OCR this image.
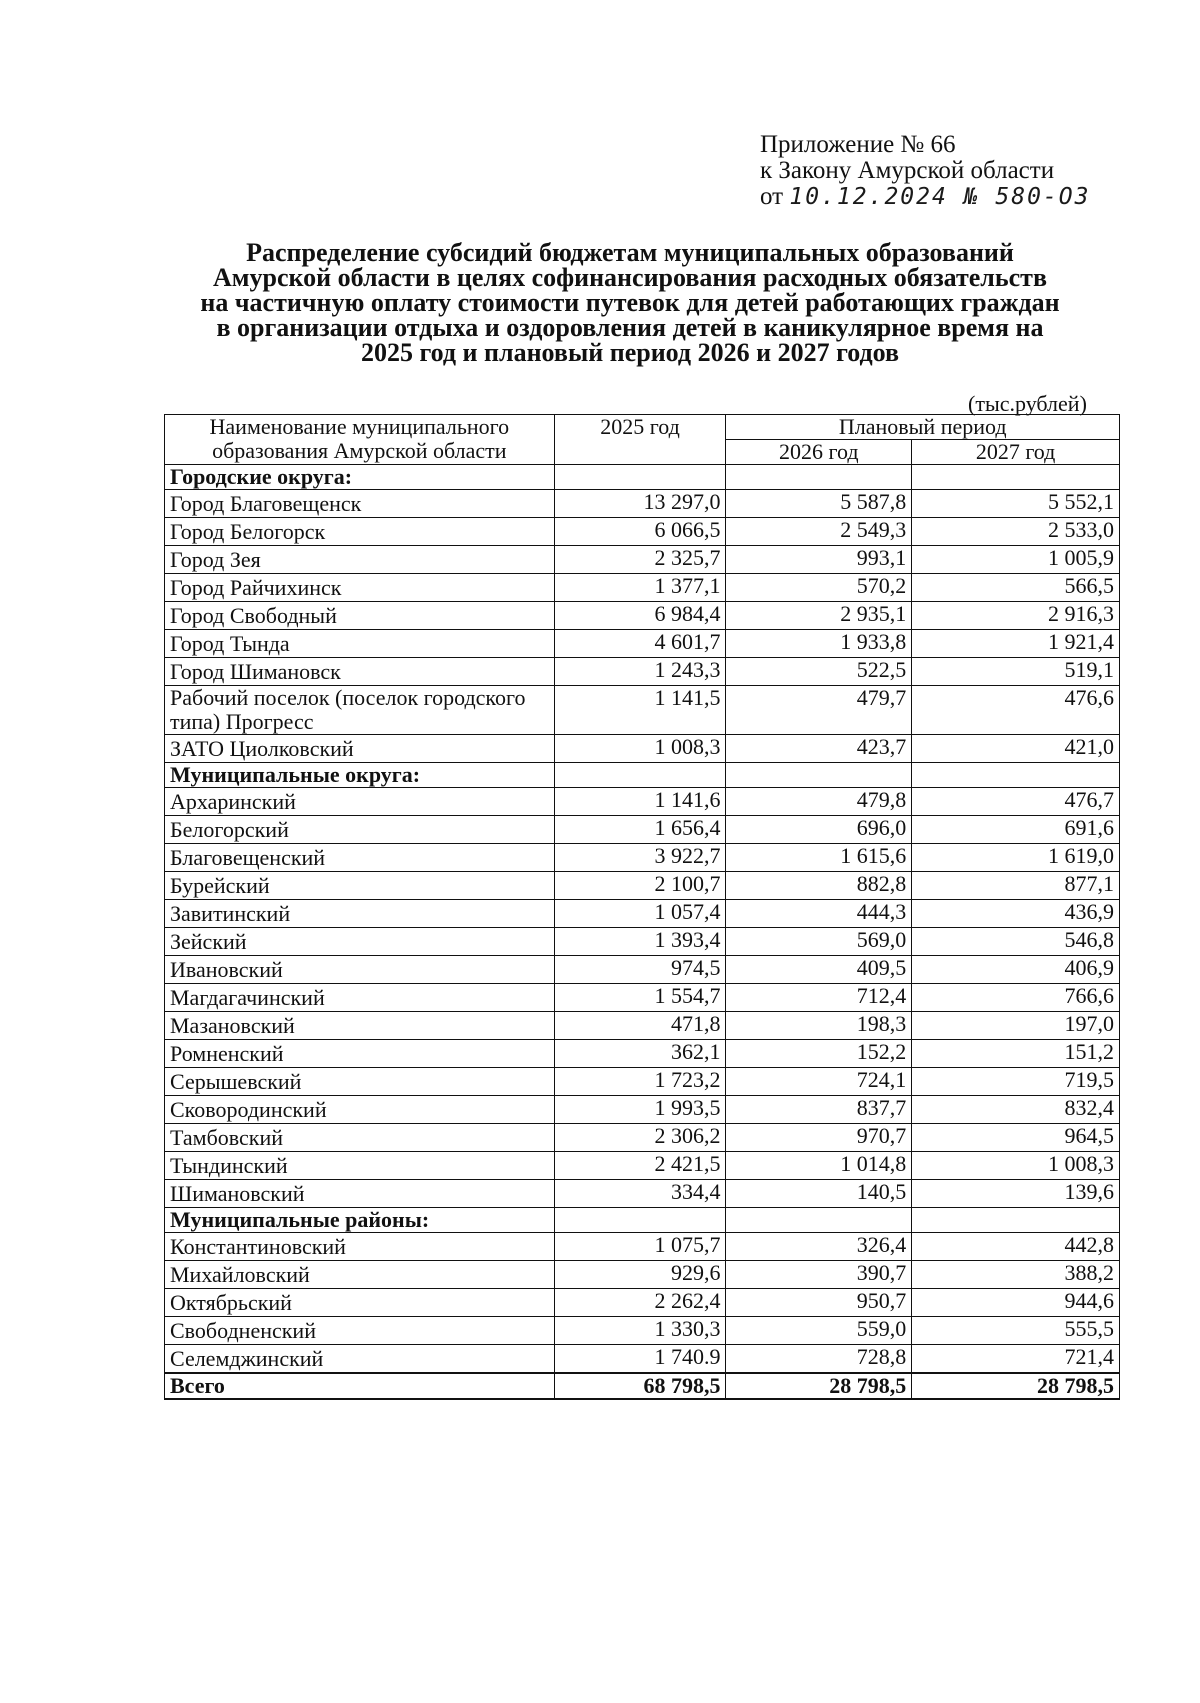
Приложение № 66
к Закону Амурской области
от 10.12.2024 № 580-ОЗ
Распределение субсидий бюджетам муниципальных образований
Амурской области в целях софинансирования расходных обязательств
на частичную оплату стоимости путевок для детей работающих граждан
в организации отдыха и оздоровления детей в каникулярное время на
2025 год и плановый период 2026 и 2027 годов
(тыс.рублей)
Наименование муниципального образования Амурской области	2025 год	Плановый период	
		2026 год	2027 год
Городские округа:			
Город Благовещенск	13 297,0	5 587,8	5 552,1
Город Белогорск	6 066,5	2 549,3	2 533,0
Город Зея	2 325,7	993,1	1 005,9
Город Райчихинск	1 377,1	570,2	566,5
Город Свободный	6 984,4	2 935,1	2 916,3
Город Тында	4 601,7	1 933,8	1 921,4
Город Шимановск	1 243,3	522,5	519,1
Рабочий поселок (поселок городского типа) Прогресс	1 141,5	479,7	476,6
ЗАТО Циолковский	1 008,3	423,7	421,0
Муниципальные округа:			
Архаринский	1 141,6	479,8	476,7
Белогорский	1 656,4	696,0	691,6
Благовещенский	3 922,7	1 615,6	1 619,0
Бурейский	2 100,7	882,8	877,1
Завитинский	1 057,4	444,3	436,9
Зейский	1 393,4	569,0	546,8
Ивановский	974,5	409,5	406,9
Магдагачинский	1 554,7	712,4	766,6
Мазановский	471,8	198,3	197,0
Ромненский	362,1	152,2	151,2
Серышевский	1 723,2	724,1	719,5
Сковородинский	1 993,5	837,7	832,4
Тамбовский	2 306,2	970,7	964,5
Тындинский	2 421,5	1 014,8	1 008,3
Шимановский	334,4	140,5	139,6
Муниципальные районы:			
Константиновский	1 075,7	326,4	442,8
Михайловский	929,6	390,7	388,2
Октябрьский	2 262,4	950,7	944,6
Свободненский	1 330,3	559,0	555,5
Селемджинский	1 740.9	728,8	721,4
Всего	68 798,5	28 798,5	28 798,5
